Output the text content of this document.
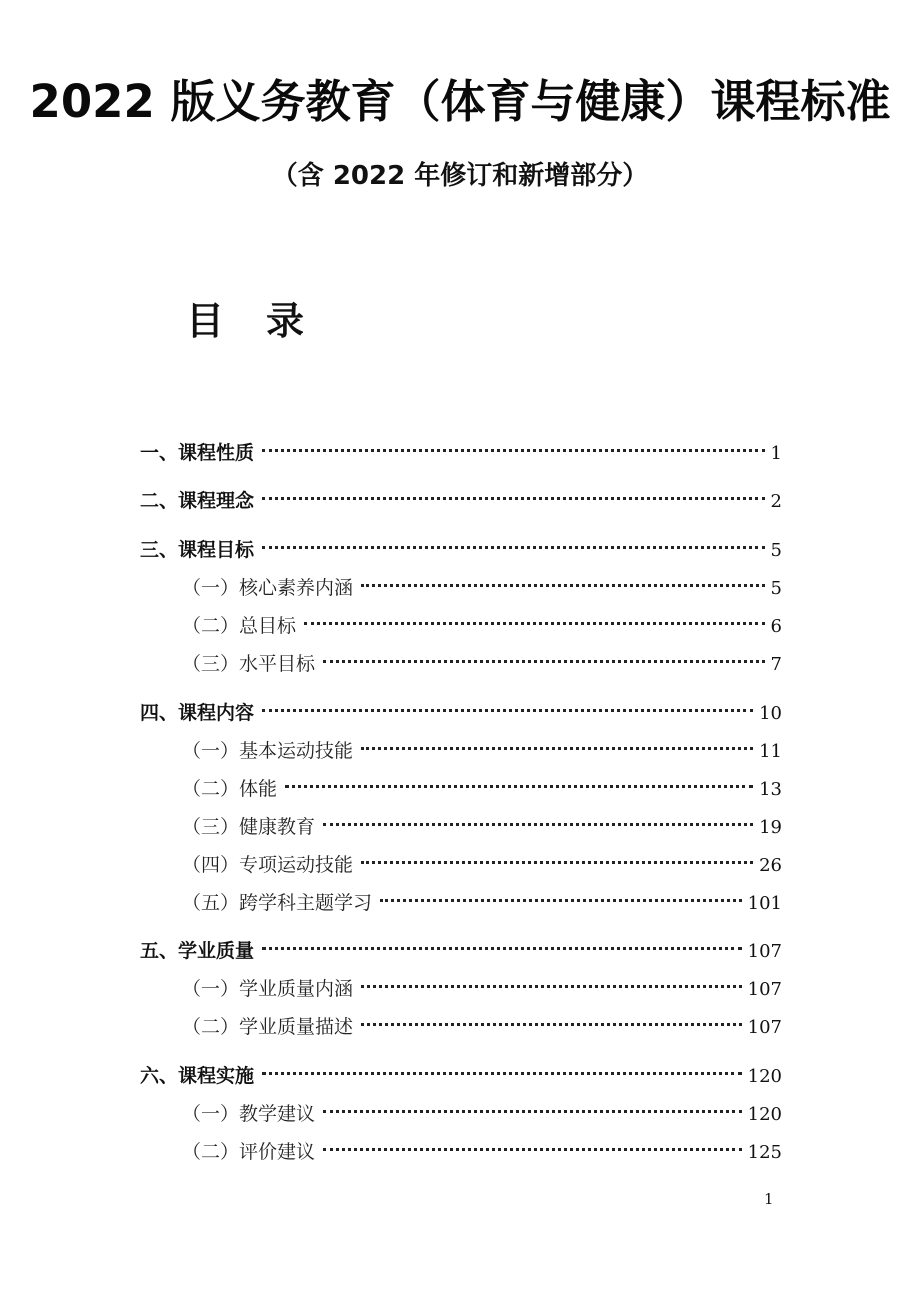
2022 版义务教育（体育与健康）课程标准
（含 2022 年修订和新增部分）
目录
一、课程性质	1
二、课程理念	2
三、课程目标	5
（一）核心素养内涵	5
（二）总目标	6
（三）水平目标	7
四、课程内容	10
（一）基本运动技能	11
（二）体能	13
（三）健康教育	19
（四）专项运动技能	26
（五）跨学科主题学习	101
五、学业质量	107
（一）学业质量内涵	107
（二）学业质量描述	107
六、课程实施	120
（一）教学建议	120
（二）评价建议	125
1
